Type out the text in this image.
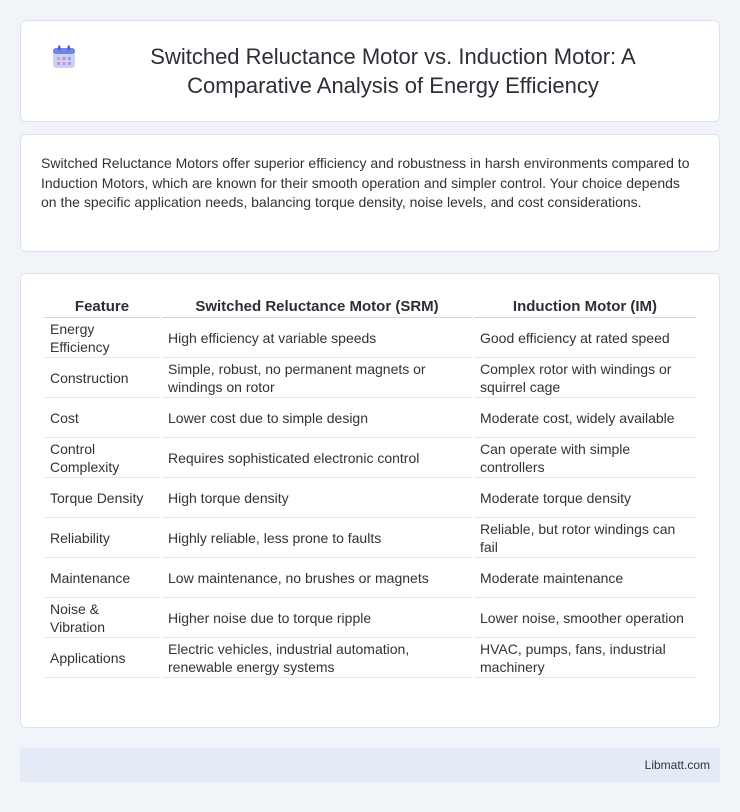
Switched Reluctance Motor vs. Induction Motor: A Comparative Analysis of Energy Efficiency

Switched Reluctance Motors offer superior efficiency and robustness in harsh environments compared to Induction Motors, which are known for their smooth operation and simpler control. Your choice depends on the specific application needs, balancing torque density, noise levels, and cost considerations.

Feature	Switched Reluctance Motor (SRM)	Induction Motor (IM)
Energy Efficiency	High efficiency at variable speeds	Good efficiency at rated speed
Construction	Simple, robust, no permanent magnets or windings on rotor	Complex rotor with windings or squirrel cage
Cost	Lower cost due to simple design	Moderate cost, widely available
Control Complexity	Requires sophisticated electronic control	Can operate with simple controllers
Torque Density	High torque density	Moderate torque density
Reliability	Highly reliable, less prone to faults	Reliable, but rotor windings can fail
Maintenance	Low maintenance, no brushes or magnets	Moderate maintenance
Noise & Vibration	Higher noise due to torque ripple	Lower noise, smoother operation
Applications	Electric vehicles, industrial automation, renewable energy systems	HVAC, pumps, fans, industrial machinery
Libmatt.com
